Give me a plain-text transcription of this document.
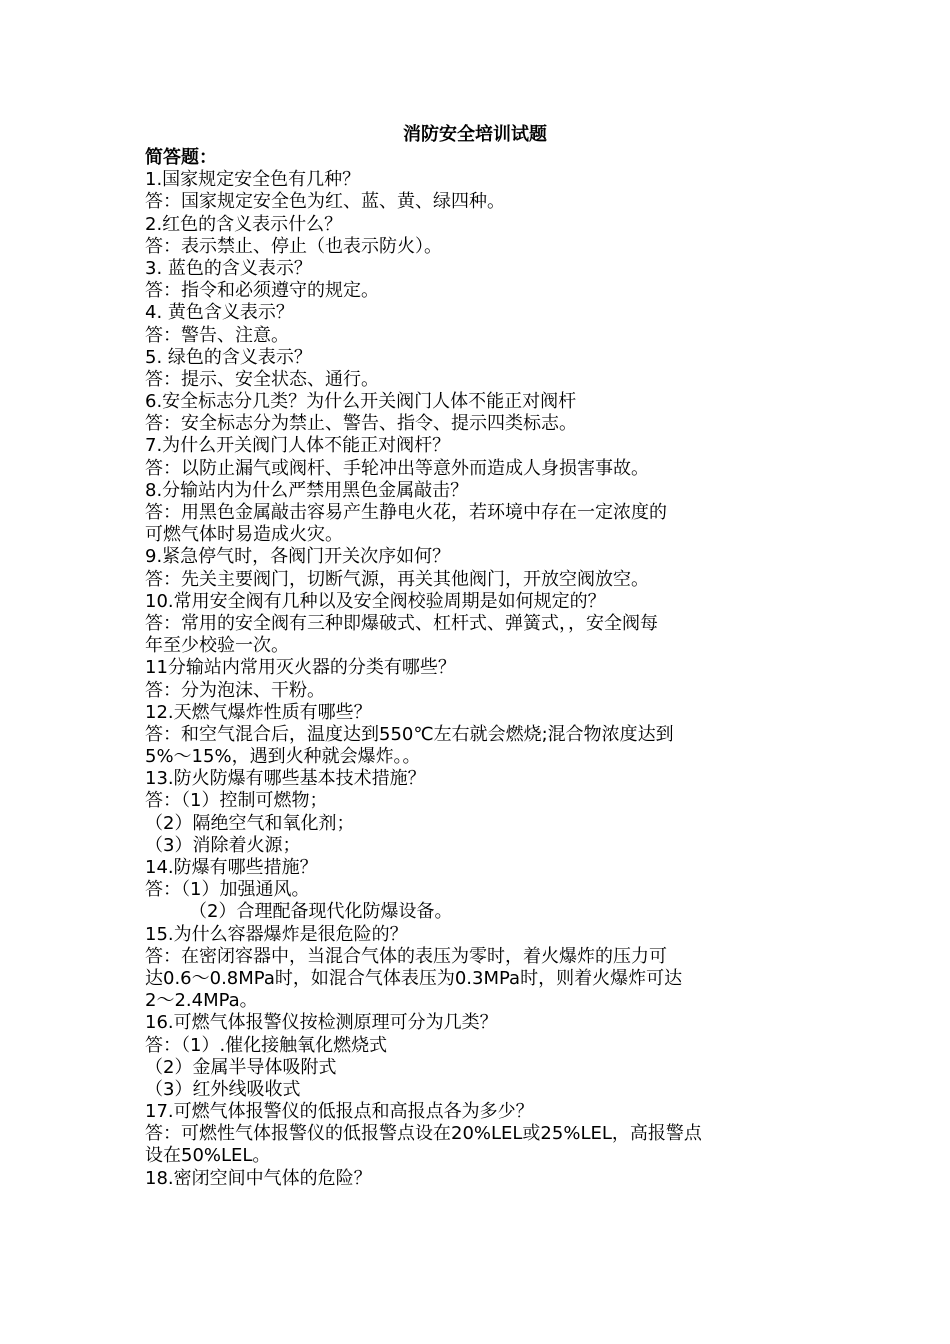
消防安全培训试题
简答题：
1.国家规定安全色有几种？
答：国家规定安全色为红、蓝、黄、绿四种。
2.红色的含义表示什么？
答：表示禁止、停止（也表示防火）。
3. 蓝色的含义表示？
答：指令和必须遵守的规定。
4. 黄色含义表示？
答：警告、注意。
5. 绿色的含义表示？
答：提示、安全状态、通行。
6.安全标志分几类？为什么开关阀门人体不能正对阀杆
答：安全标志分为禁止、警告、指令、提示四类标志。
7.为什么开关阀门人体不能正对阀杆？
答：以防止漏气或阀杆、手轮冲出等意外而造成人身损害事故。
8.分输站内为什么严禁用黑色金属敲击？
答：用黑色金属敲击容易产生静电火花，若环境中存在一定浓度的
可燃气体时易造成火灾。
9.紧急停气时，各阀门开关次序如何？
答：先关主要阀门，切断气源，再关其他阀门，开放空阀放空。
10.常用安全阀有几种以及安全阀校验周期是如何规定的？
答：常用的安全阀有三种即爆破式、杠杆式、弹簧式，，安全阀每
年至少校验一次。
11分输站内常用灭火器的分类有哪些？
答：分为泡沫、干粉。
12.天燃气爆炸性质有哪些？
答：和空气混合后，温度达到550℃左右就会燃烧;混合物浓度达到
5%～15%，遇到火种就会爆炸。。
13.防火防爆有哪些基本技术措施？
答：（1）控制可燃物；
（2）隔绝空气和氧化剂；
（3）消除着火源；
14.防爆有哪些措施？
答：（1）加强通风。
（2）合理配备现代化防爆设备。
15.为什么容器爆炸是很危险的？
答：在密闭容器中，当混合气体的表压为零时，着火爆炸的压力可
达0.6～0.8MPa时，如混合气体表压为0.3MPa时，则着火爆炸可达
2～2.4MPa。
16.可燃气体报警仪按检测原理可分为几类？
答：（1）.催化接触氧化燃烧式
（2）金属半导体吸附式
（3）红外线吸收式
17.可燃气体报警仪的低报点和高报点各为多少？
答：可燃性气体报警仪的低报警点设在20%LEL或25%LEL，高报警点
设在50%LEL。
18.密闭空间中气体的危险？
